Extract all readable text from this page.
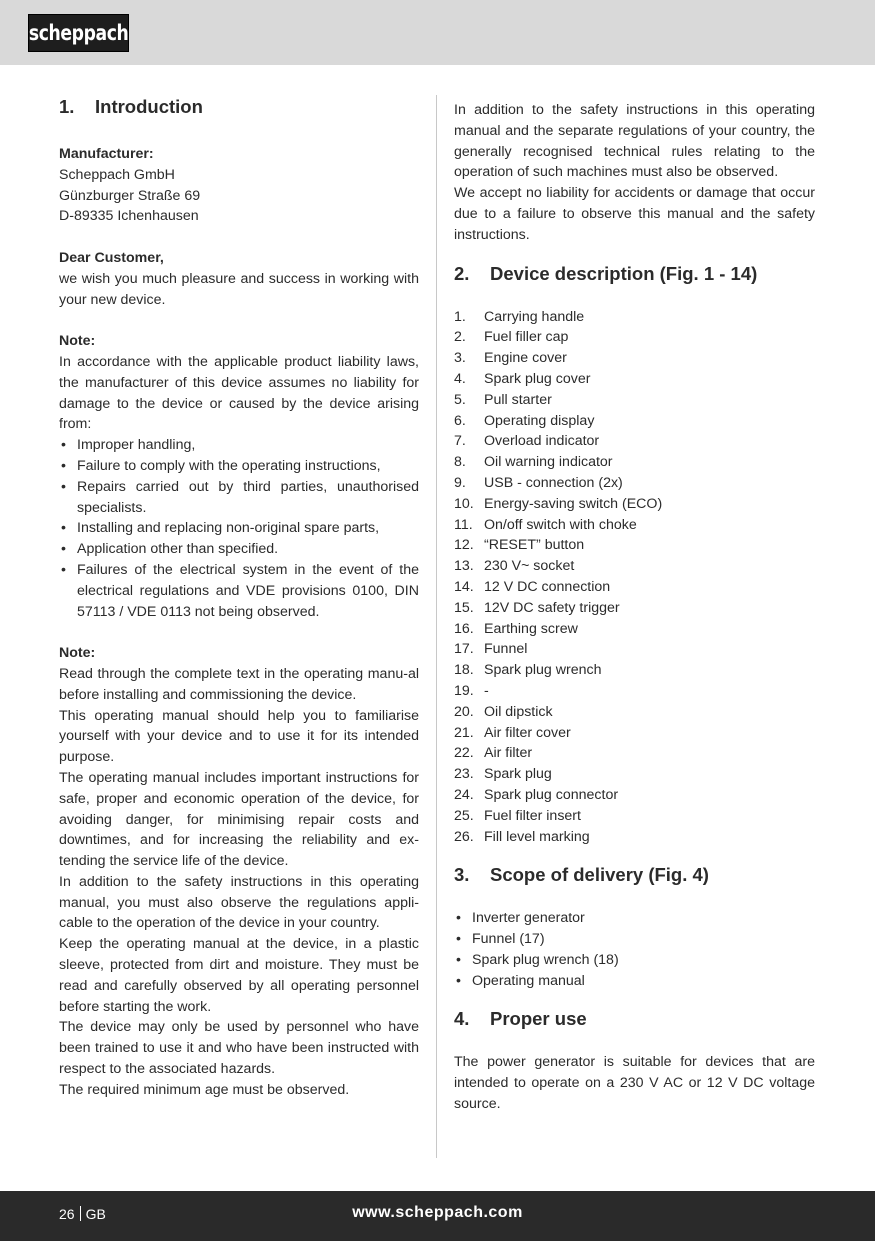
scheppach
1.	Introduction
Manufacturer:
Scheppach GmbH
Günzburger Straße 69
D-89335 Ichenhausen
Dear Customer,

we wish you much pleasure and success in working with your new device.

Note:

In accordance with the applicable product liability laws, the manufacturer of this device assumes no liability for damage to the device or caused by the device arising from:

• Improper handling,
• Failure to comply with the operating instructions,
• Repairs carried out by third parties, unauthorised specialists.
• Installing and replacing non-original spare parts,
• Application other than specified.
• Failures of the electrical system in the event of the electrical regulations and VDE provisions 0100, DIN 57113 / VDE 0113 not being observed.
Note:

Read through the complete text in the operating manu-al before installing and commissioning the device.

This operating manual should help you to familiarise yourself with your device and to use it for its intended purpose.

The operating manual includes important instructions for safe, proper and economic operation of the device, for avoiding danger, for minimising repair costs and downtimes, and for increasing the reliability and ex-tending the service life of the device.

In addition to the safety instructions in this operating manual, you must also observe the regulations appli-cable to the operation of the device in your country.

Keep the operating manual at the device, in a plastic sleeve, protected from dirt and moisture. They must be read and carefully observed by all operating personnel before starting the work.

The device may only be used by personnel who have been trained to use it and who have been instructed with respect to the associated hazards.

The required minimum age must be observed.

In addition to the safety instructions in this operating manual and the separate regulations of your country, the generally recognised technical rules relating to the operation of such machines must also be observed.

We accept no liability for accidents or damage that occur due to a failure to observe this manual and the safety instructions.

2.	Device description (Fig. 1 - 14)
1.	Carrying handle
2.	Fuel filler cap
3.	Engine cover
4.	Spark plug cover
5.	Pull starter
6.	Operating display
7.	Overload indicator
8.	Oil warning indicator
9.	USB - connection (2x)
10. Energy-saving switch (ECO)
11. On/off switch with choke
12. “RESET” button
13. 230 V~ socket
14. 12 V DC connection
15. 12V DC safety trigger
16. Earthing screw
17. Funnel
18. Spark plug wrench
19. -
20. Oil dipstick
21. Air filter cover
22. Air filter
23. Spark plug
24. Spark plug connector
25. Fuel filter insert
26. Fill level marking
3.	Scope of delivery (Fig. 4)
• Inverter generator
• Funnel (17)
• Spark plug wrench (18)
• Operating manual
4.	Proper use

The power generator is suitable for devices that are intended to operate on a 230 V AC or 12 V DC voltage source.

26 GB	www.scheppach.com
